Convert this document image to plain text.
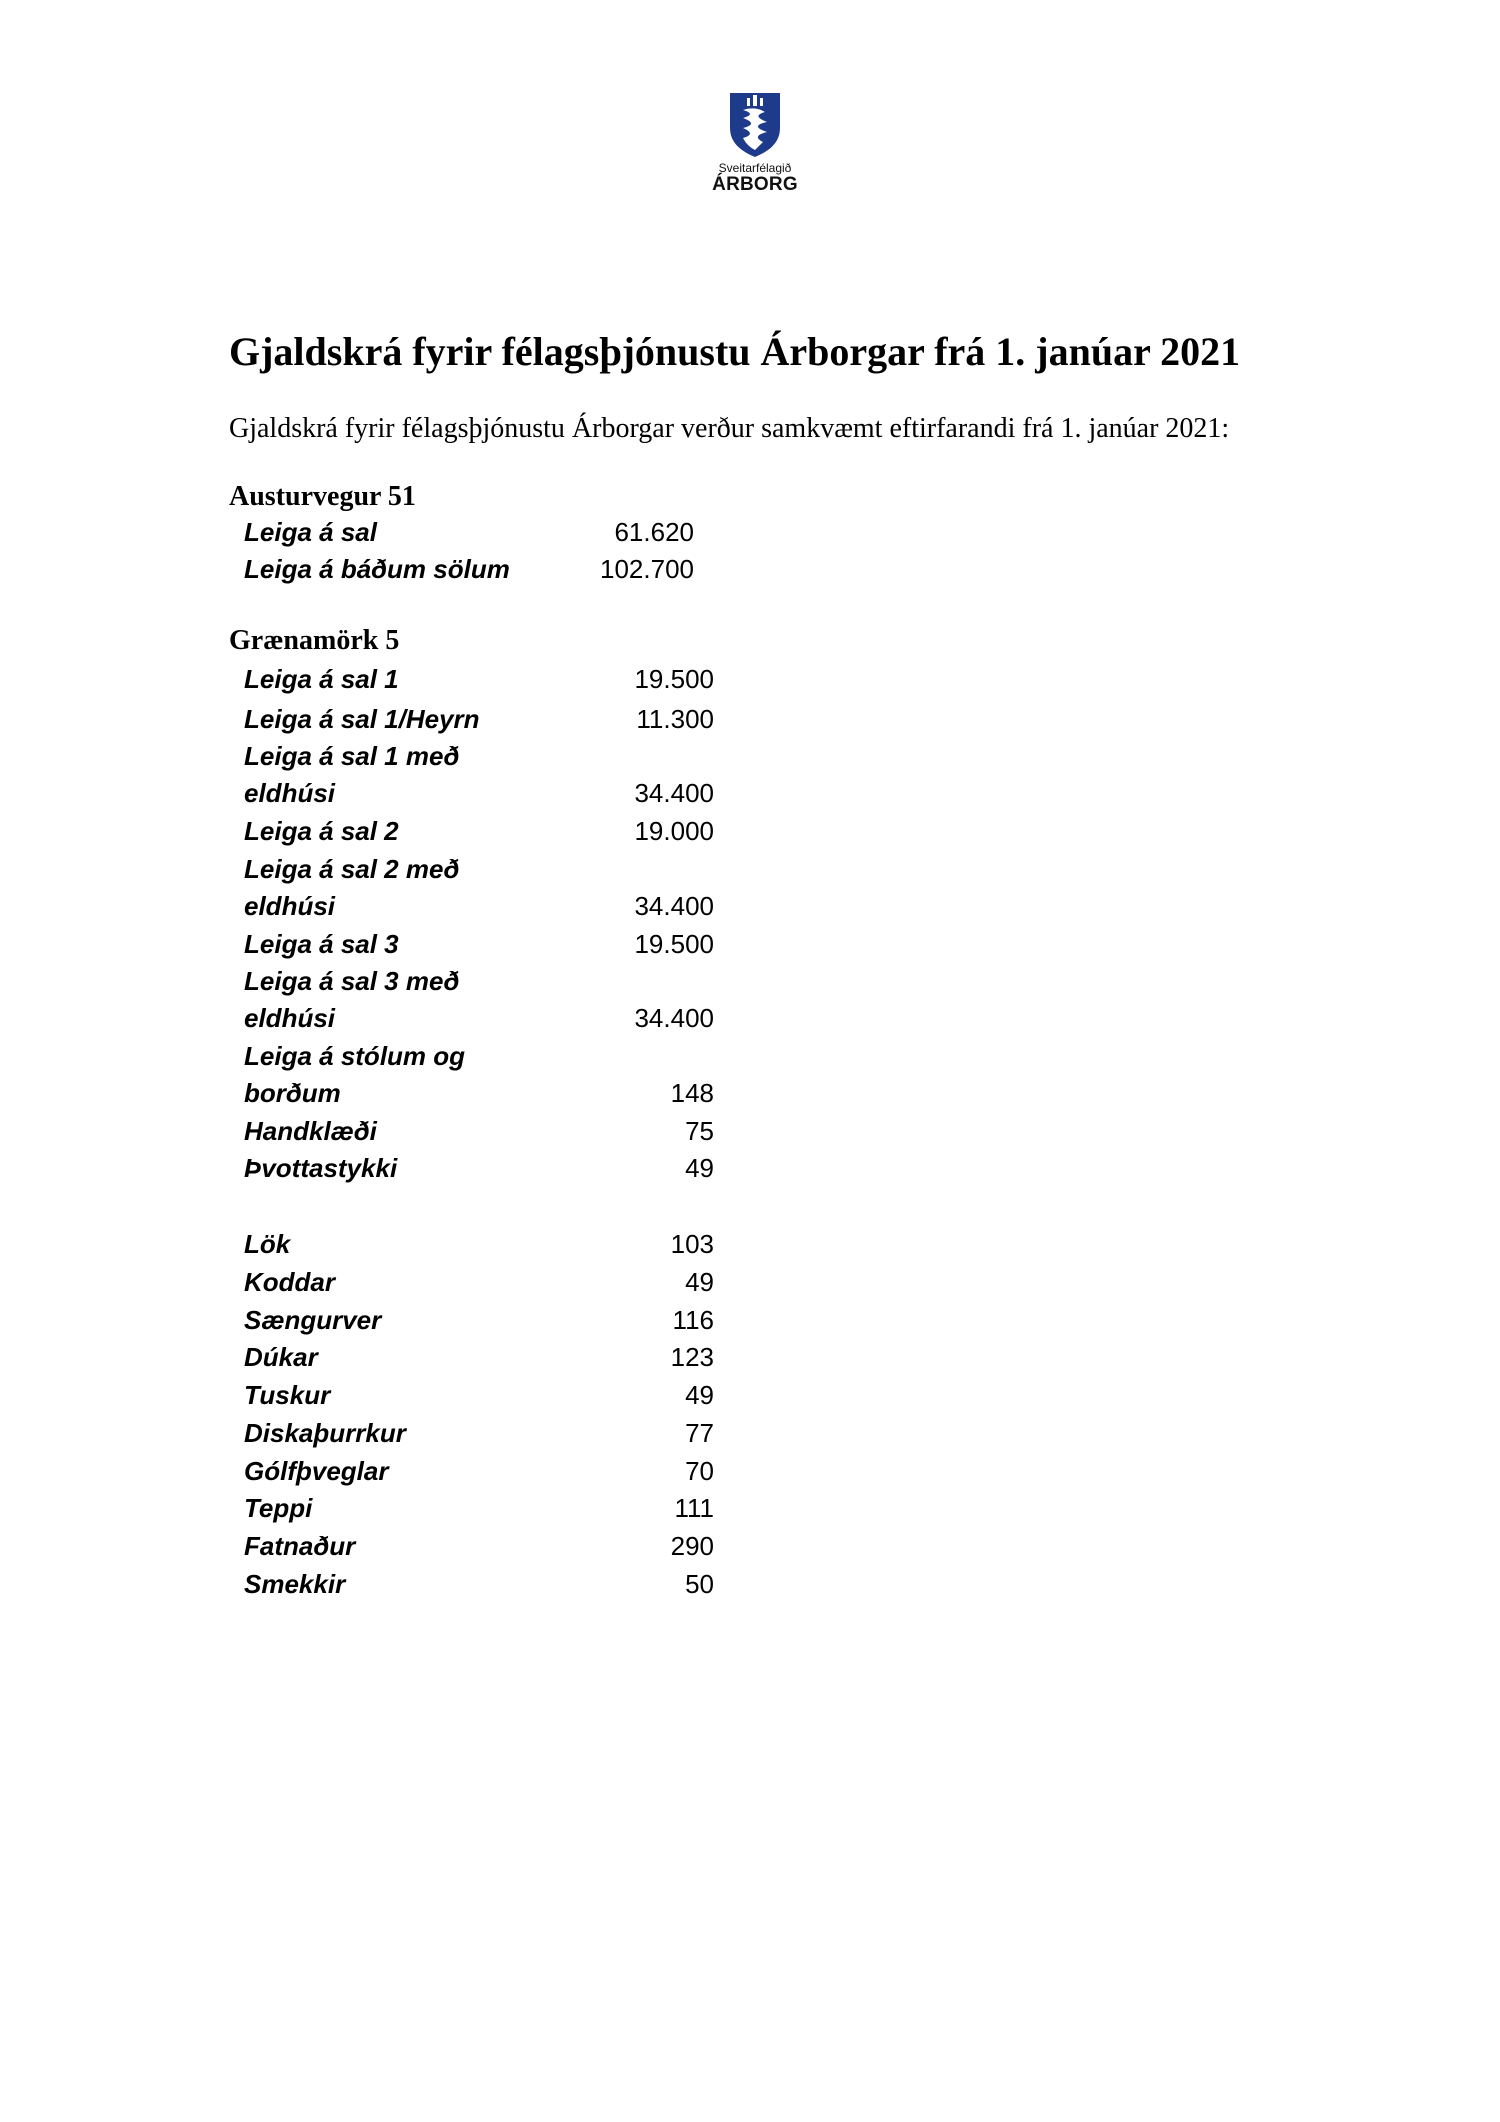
Sveitarfélagið
ÁRBORG
Gjaldskrá fyrir félagsþjónustu Árborgar frá 1. janúar 2021

Gjaldskrá fyrir félagsþjónustu Árborgar verður samkvæmt eftirfarandi frá 1. janúar 2021:

Austurvegur 51
Leiga á sal	61.620
Leiga á báðum sölum	102.700
Grænamörk 5
Leiga á sal 1	19.500
Leiga á sal 1/Heyrn	11.300
Leiga á sal 1 með eldhúsi	34.400
Leiga á sal 2	19.000
Leiga á sal 2 með eldhúsi	34.400
Leiga á sal 3	19.500
Leiga á sal 3 með eldhúsi	34.400
Leiga á stólum og borðum	148
Handklæði	75
Þvottastykki	49
Lök	103
Koddar	49
Sængurver	116
Dúkar	123
Tuskur	49
Diskaþurrkur	77
Gólfþveglar	70
Teppi	111
Fatnaður	290
Smekkir	50
